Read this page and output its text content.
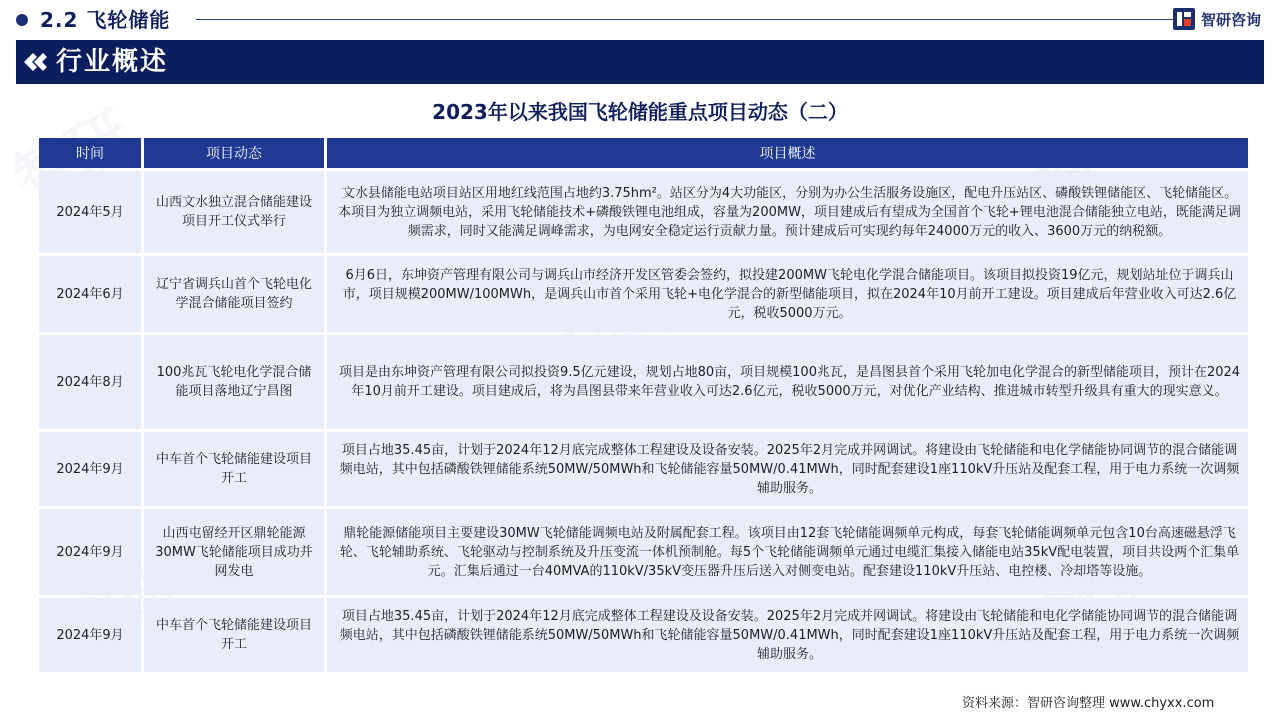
2.2 飞轮储能	智研咨询
行业概述
2023年以来我国飞轮储能重点项目动态（二）
时间	项目动态	项目概述
2024年5月	山西文水独立混合储能建设项目开工仪式举行	文水县储能电站项目站区用地红线范围占地约3.75hm²。站区分为4大功能区，分别为办公生活服务设施区，配电升压站区、磷酸铁锂储能区、飞轮储能区。本项目为独立调频电站，采用飞轮储能技术+磷酸铁锂电池组成，容量为200MW，项目建成后有望成为全国首个飞轮+锂电池混合储能独立电站，既能满足调频需求，同时又能满足调峰需求，为电网安全稳定运行贡献力量。预计建成后可实现约每年24000万元的收入、3600万元的纳税额。
2024年6月	辽宁省调兵山首个飞轮电化学混合储能项目签约	6月6日，东坤资产管理有限公司与调兵山市经济开发区管委会签约，拟投建200MW飞轮电化学混合储能项目。该项目拟投资19亿元，规划站址位于调兵山市，项目规模200MW/100MWh，是调兵山市首个采用飞轮+电化学混合的新型储能项目，拟在2024年10月前开工建设。项目建成后年营业收入可达2.6亿元，税收5000万元。
2024年8月	100兆瓦飞轮电化学混合储能项目落地辽宁昌图	项目是由东坤资产管理有限公司拟投资9.5亿元建设，规划占地80亩，项目规模100兆瓦，是昌图县首个采用飞轮加电化学混合的新型储能项目，预计在2024年10月前开工建设。项目建成后，将为昌图县带来年营业收入可达2.6亿元，税收5000万元，对优化产业结构、推进城市转型升级具有重大的现实意义。
2024年9月	中车首个飞轮储能建设项目开工	项目占地35.45亩，计划于2024年12月底完成整体工程建设及设备安装。2025年2月完成并网调试。将建设由飞轮储能和电化学储能协同调节的混合储能调频电站，其中包括磷酸铁锂储能系统50MW/50MWh和飞轮储能容量50MW/0.41MWh，同时配套建设1座110kV升压站及配套工程，用于电力系统一次调频辅助服务。
2024年9月	山西屯留经开区鼎轮能源30MW飞轮储能项目成功并网发电	鼎轮能源储能项目主要建设30MW飞轮储能调频电站及附属配套工程。该项目由12套飞轮储能调频单元构成，每套飞轮储能调频单元包含10台高速磁悬浮飞轮、飞轮辅助系统、飞轮驱动与控制系统及升压变流一体机预制舱。每5个飞轮储能调频单元通过电缆汇集接入储能电站35kV配电装置，项目共设两个汇集单元。汇集后通过一台40MVA的110kV/35kV变压器升压后送入对侧变电站。配套建设110kV升压站、电控楼、冷却塔等设施。
2024年9月	中车首个飞轮储能建设项目开工	项目占地35.45亩，计划于2024年12月底完成整体工程建设及设备安装。2025年2月完成并网调试。将建设由飞轮储能和电化学储能协同调节的混合储能调频电站，其中包括磷酸铁锂储能系统50MW/50MWh和飞轮储能容量50MW/0.41MWh，同时配套建设1座110kV升压站及配套工程，用于电力系统一次调频辅助服务。
资料来源：智研咨询整理 www.chyxx.com
